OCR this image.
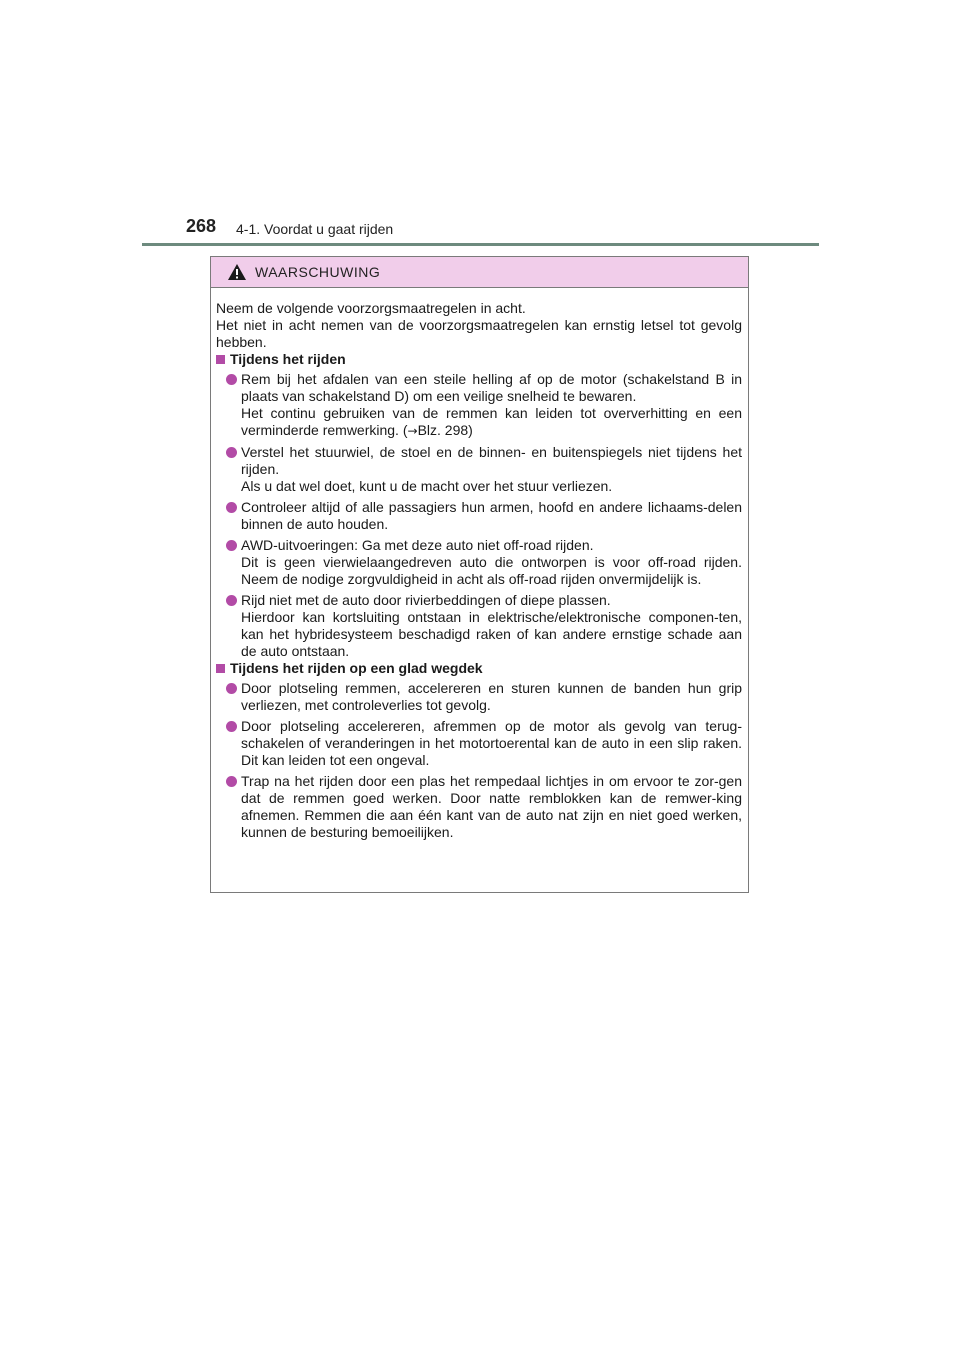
268 4-1. Voordat u gaat rijden
WAARSCHUWING

Neem de volgende voorzorgsmaatregelen in acht.

Het niet in acht nemen van de voorzorgsmaatregelen kan ernstig letsel tot gevolg hebben.

Tijdens het rijden

Rem bij het afdalen van een steile helling af op de motor (schakelstand B in plaats van schakelstand D) om een veilige snelheid te bewaren.
Het continu gebruiken van de remmen kan leiden tot oververhitting en een verminderde remwerking. (→Blz. 298)
Verstel het stuurwiel, de stoel en de binnen- en buitenspiegels niet tijdens het rijden.
Als u dat wel doet, kunt u de macht over het stuur verliezen.
Controleer altijd of alle passagiers hun armen, hoofd en andere lichaams-delen binnen de auto houden.
AWD-uitvoeringen: Ga met deze auto niet off-road rijden.
Dit is geen vierwielaangedreven auto die ontworpen is voor off-road rijden. Neem de nodige zorgvuldigheid in acht als off-road rijden onvermijdelijk is.
Rijd niet met de auto door rivierbeddingen of diepe plassen.
Hierdoor kan kortsluiting ontstaan in elektrische/elektronische componen-ten, kan het hybridesysteem beschadigd raken of kan andere ernstige schade aan de auto ontstaan.

Tijdens het rijden op een glad wegdek

Door plotseling remmen, accelereren en sturen kunnen de banden hun grip verliezen, met controleverlies tot gevolg.
Door plotseling accelereren, afremmen op de motor als gevolg van terug-schakelen of veranderingen in het motortoerental kan de auto in een slip raken. Dit kan leiden tot een ongeval.
Trap na het rijden door een plas het rempedaal lichtjes in om ervoor te zor-gen dat de remmen goed werken. Door natte remblokken kan de remwer-king afnemen. Remmen die aan één kant van de auto nat zijn en niet goed werken, kunnen de besturing bemoeilijken.
